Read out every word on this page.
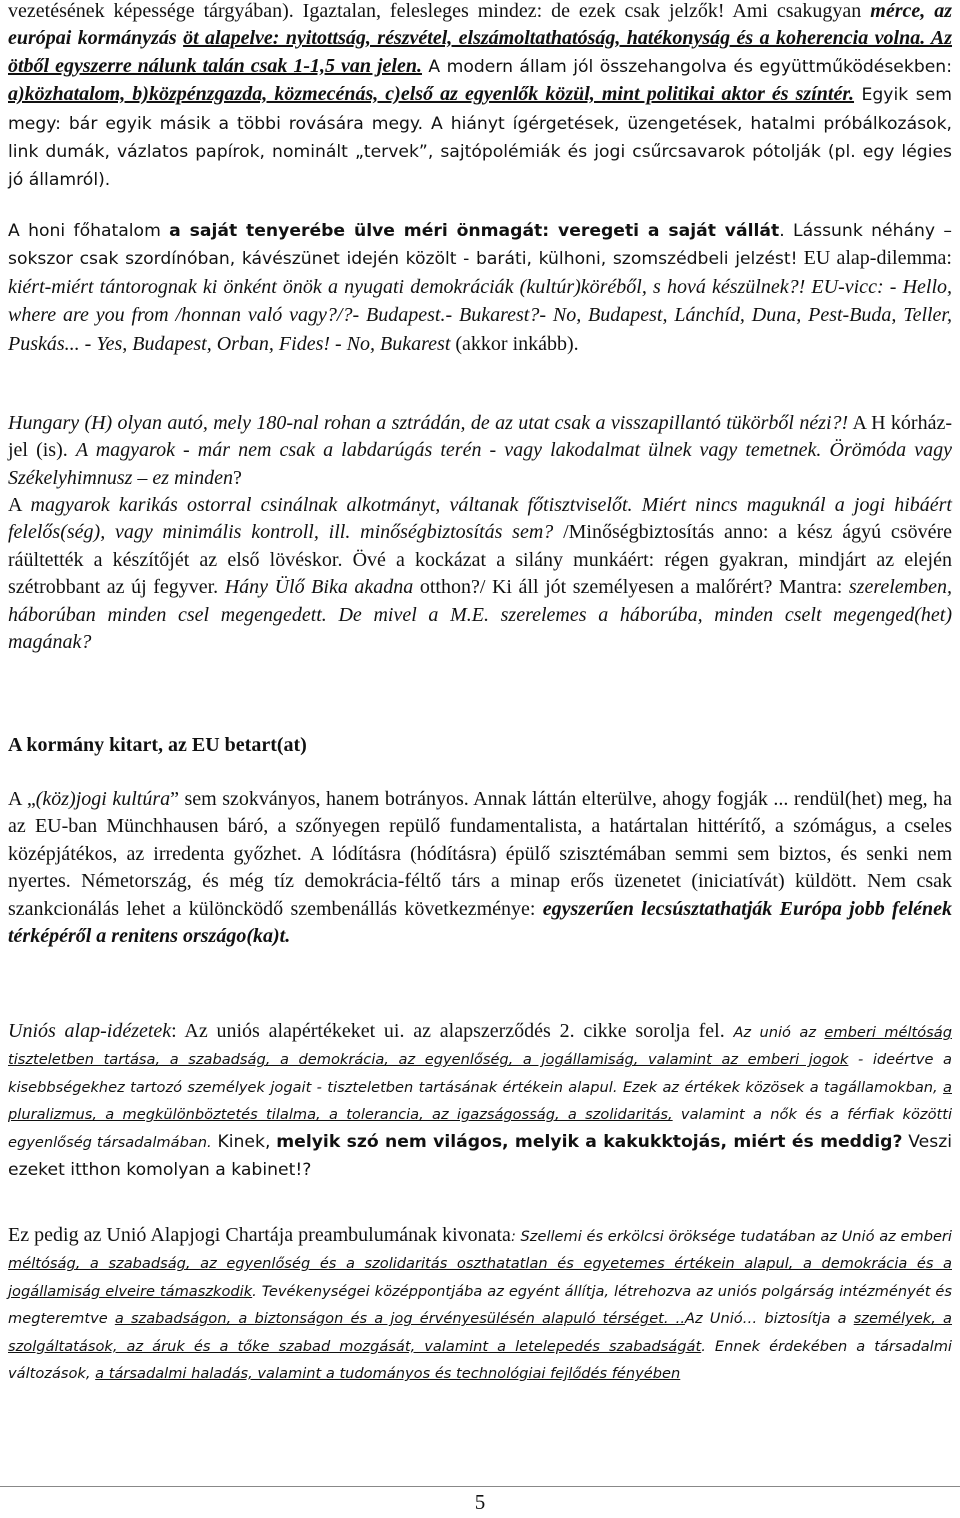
vezetésének képessége tárgyában). Igaztalan, felesleges mindez: de ezek csak jelzők! Ami csakugyan mérce, az európai kormányzás öt alapelve: nyitottság, részvétel, elszámoltathatóság, hatékonyság és a koherencia volna. Az ötből egyszerre nálunk talán csak 1-1,5 van jelen. A modern állam jól összehangolva és együttműködésekben: a)közhatalom, b)közpénzgazda, közmecénás, c)első az egyenlők közül, mint politikai aktor és színtér. Egyik sem megy: bár egyik másik a többi rovására megy. A hiányt ígérgetések, üzengetések, hatalmi próbálkozások, link dumák, vázlatos papírok, nominált „tervek”, sajtópolémiák és jogi csűrcsavarok pótolják (pl. egy légies jó államról).

A honi főhatalom a saját tenyerébe ülve méri önmagát: veregeti a saját vállát. Lássunk néhány – sokszor csak szordínóban, kávészünet idején közölt - baráti, külhoni, szomszédbeli jelzést! EU alap-dilemma: kiért-miért tántorognak ki önként önök a nyugati demokráciák (kultúr)köréből, s hová készülnek?! EU-vicc: - Hello, where are you from /honnan való vagy?/?- Budapest.- Bukarest?- No, Budapest, Lánchíd, Duna, Pest-Buda, Teller, Puskás... - Yes, Budapest, Orban, Fides! - No, Bukarest (akkor inkább).

Hungary (H) olyan autó, mely 180-nal rohan a sztrádán, de az utat csak a visszapillantó tükörből nézi?! A H kórház-jel (is). A magyarok - már nem csak a labdarúgás terén - vagy lakodalmat ülnek vagy temetnek. Örömóda vagy Székelyhimnusz – ez minden?

A magyarok karikás ostorral csinálnak alkotmányt, váltanak főtisztviselőt. Miért nincs maguknál a jogi hibáért felelős(ség), vagy minimális kontroll, ill. minőségbiztosítás sem? /Minőségbiztosítás anno: a kész ágyú csövére ráültették a készítőjét az első lövéskor. Övé a kockázat a silány munkáért: régen gyakran, mindjárt az elején szétrobbant az új fegyver. Hány Ülő Bika akadna otthon?/ Ki áll jót személyesen a malőrért? Mantra: szerelemben, háborúban minden csel megengedett. De mivel a M.E. szerelemes a háborúba, minden cselt megenged(het) magának?

A kormány kitart, az EU betart(at)

A „(köz)jogi kultúra” sem szokványos, hanem botrányos. Annak láttán elterülve, ahogy fogják ... rendül(het) meg, ha az EU-ban Münchhausen báró, a szőnyegen repülő fundamentalista, a határtalan hittérítő, a szómágus, a cseles középjátékos, az irredenta győzhet. A lódításra (hódításra) épülő szisztémában semmi sem biztos, és senki nem nyertes. Németország, és még tíz demokrácia-féltő társ a minap erős üzenetet (iniciatívát) küldött. Nem csak szankcionálás lehet a különcködő szembenállás következménye: egyszerűen lecsúsztathatják Európa jobb felének térképéről a renitens országo(ka)t.

Uniós alap-idézetek: Az uniós alapértékeket ui. az alapszerződés 2. cikke sorolja fel. Az unió az emberi méltóság tiszteletben tartása, a szabadság, a demokrácia, az egyenlőség, a jogállamiság, valamint az emberi jogok - ideértve a kisebbségekhez tartozó személyek jogait - tiszteletben tartásának értékein alapul. Ezek az értékek közösek a tagállamokban, a pluralizmus, a megkülönböztetés tilalma, a tolerancia, az igazságosság, a szolidaritás, valamint a nők és a férfiak közötti egyenlőség társadalmában. Kinek, melyik szó nem világos, melyik a kakukktojás, miért és meddig? Veszi ezeket itthon komolyan a kabinet!?

Ez pedig az Unió Alapjogi Chartája preambulumának kivonata: Szellemi és erkölcsi öröksége tudatában az Unió az emberi méltóság, a szabadság, az egyenlőség és a szolidaritás oszthatatlan és egyetemes értékein alapul, a demokrácia és a jogállamiság elveire támaszkodik. Tevékenységei középpontjába az egyént állítja, létrehozva az uniós polgárság intézményét és megteremtve a szabadságon, a biztonságon és a jog érvényesülésén alapuló térséget. ..Az Unió… biztosítja a személyek, a szolgáltatások, az áruk és a tőke szabad mozgását, valamint a letelepedés szabadságát. Ennek érdekében a társadalmi változások, a társadalmi haladás, valamint a tudományos és technológiai fejlődés fényében

5
